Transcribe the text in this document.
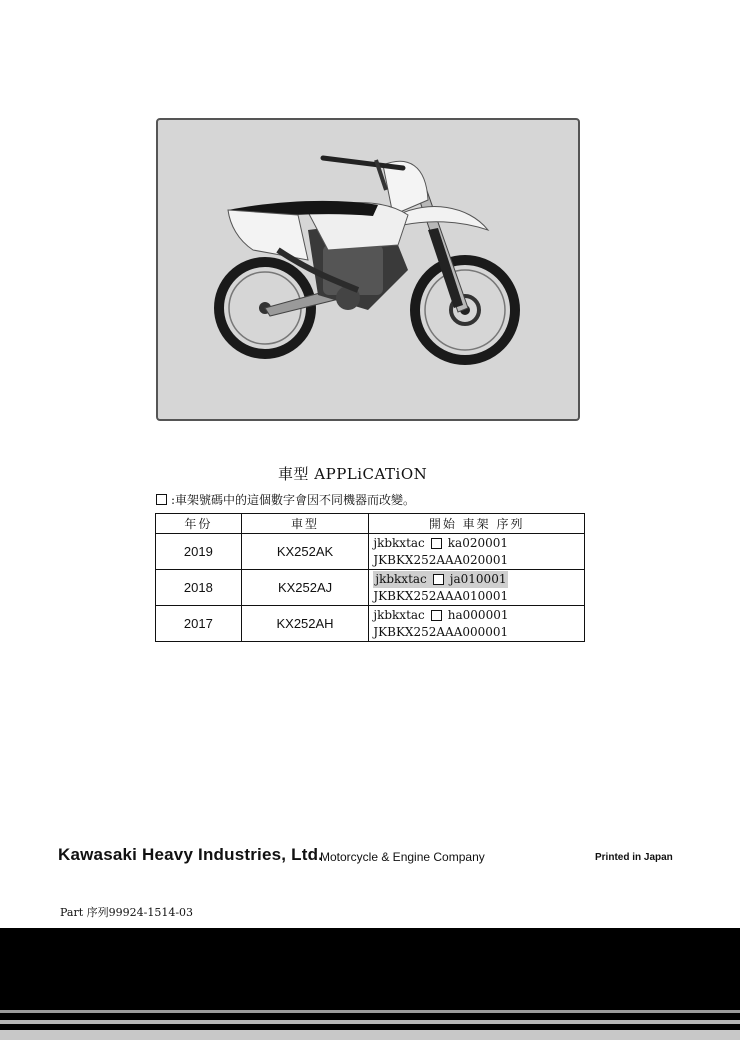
車型 APPLiCATiON
:車架號碼中的這個數字會因不同機器而改變。
年份	車型	開始 車架 序列
2019	KX252AK	jkbkxtac ka020001
JKBKX252AAA020001

2018	KX252AJ	jkbkxtac ja010001
JKBKX252AAA010001

2017	KX252AH	jkbkxtac ha000001
JKBKX252AAA000001
Kawasaki Heavy Industries, Ltd.
Motorcycle & Engine Company	Printed in Japan
Part 序列99924-1514-03
